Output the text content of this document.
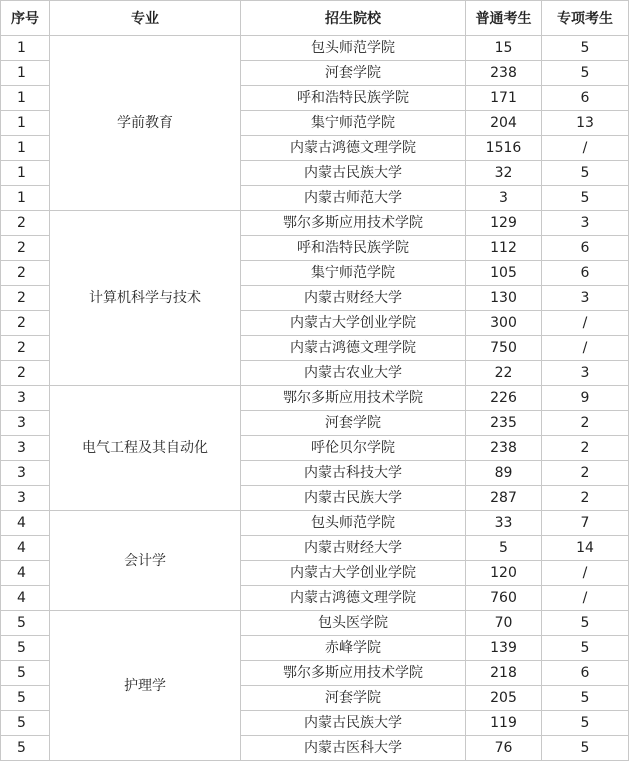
序号	专业	招生院校	普通考生	专项考生
1	学前教育	包头师范学院	15	5
1		河套学院	238	5
1		呼和浩特民族学院	171	6
1		集宁师范学院	204	13
1		内蒙古鸿德文理学院	1516	/
1		内蒙古民族大学	32	5
1		内蒙古师范大学	3	5
2	计算机科学与技术	鄂尔多斯应用技术学院	129	3
2		呼和浩特民族学院	112	6
2		集宁师范学院	105	6
2		内蒙古财经大学	130	3
2		内蒙古大学创业学院	300	/
2		内蒙古鸿德文理学院	750	/
2		内蒙古农业大学	22	3
3	电气工程及其自动化	鄂尔多斯应用技术学院	226	9
3		河套学院	235	2
3		呼伦贝尔学院	238	2
3		内蒙古科技大学	89	2
3		内蒙古民族大学	287	2
4	会计学	包头师范学院	33	7
4		内蒙古财经大学	5	14
4		内蒙古大学创业学院	120	/
4		内蒙古鸿德文理学院	760	/
5	护理学	包头医学院	70	5
5		赤峰学院	139	5
5		鄂尔多斯应用技术学院	218	6
5		河套学院	205	5
5		内蒙古民族大学	119	5
5		内蒙古医科大学	76	5
